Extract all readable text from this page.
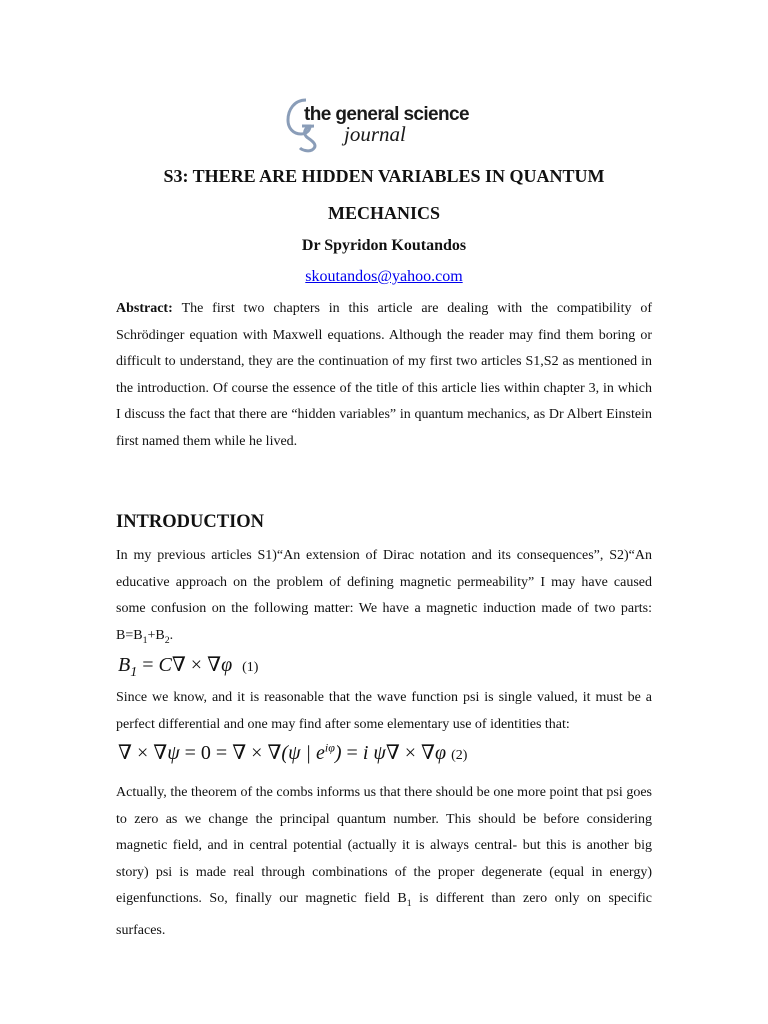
the general science
journal
S3: THERE ARE HIDDEN VARIABLES IN QUANTUM
MECHANICS
Dr Spyridon Koutandos
skoutandos@yahoo.com
Abstract: The first two chapters in this article are dealing with the compatibility of Schrödinger equation with Maxwell equations. Although the reader may find them boring or difficult to understand, they are the continuation of my first two articles S1,S2 as mentioned in the introduction. Of course the essence of the title of this article lies within chapter 3, in which I discuss the fact that there are “hidden variables” in quantum mechanics, as Dr Albert Einstein first named them while he lived.
INTRODUCTION
In my previous articles S1)“An extension of Dirac notation and its consequences”, S2)“An educative approach on the problem of defining magnetic permeability” I may have caused some confusion on the following matter: We have a magnetic induction made of two parts: $B=B_1+B_2$.
$B_1 = C\nabla \times \nabla\varphi$  (1)
Since we know, and it is reasonable that the wave function psi is single valued, it must be a perfect differential and one may find after some elementary use of identities that:
∇ × ∇ψ = 0 = ∇ × ∇(ψ | $e^{i\varphi}) = i$ ψ∇ × ∇φ (2)
Actually, the theorem of the combs informs us that there should be one more point that psi goes to zero as we change the principal quantum number. This should be before considering magnetic field, and in central potential (actually it is always central- but this is another big story) psi is made real through combinations of the proper degenerate (equal in energy) eigenfunctions. So, finally our magnetic field $B_1$ is different than zero only on specific surfaces.
